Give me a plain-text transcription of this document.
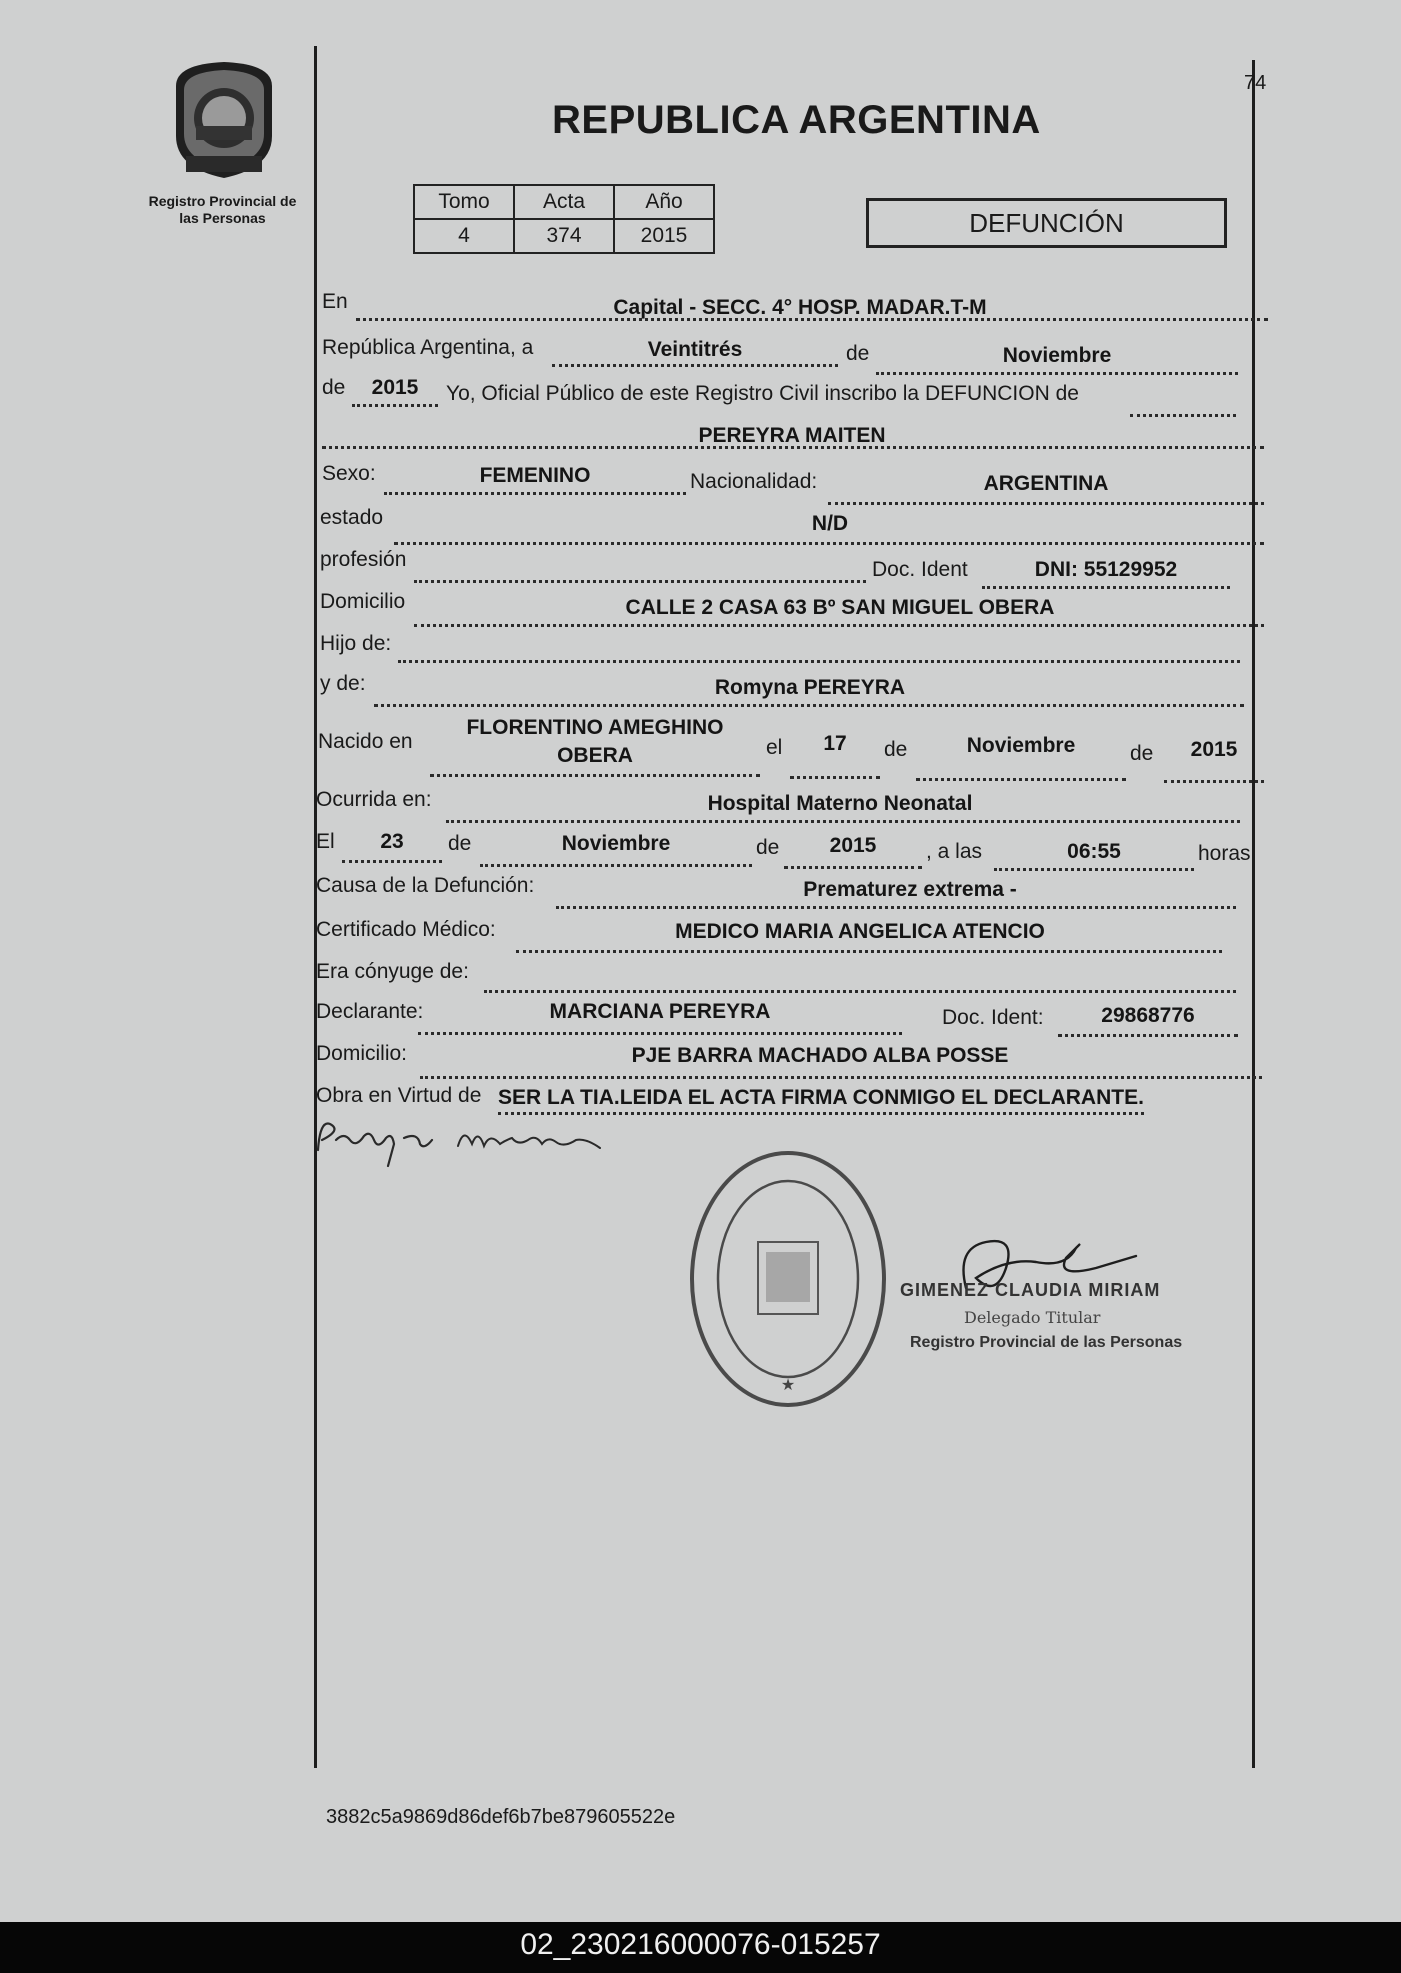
Registro Provincial de
las Personas
74
REPUBLICA ARGENTINA
Tomo	Acta	Año
4	374	2015	DEFUNCIÓN
En	Capital - SECC. 4° HOSP. MADAR.T-M
República Argentina, a	Veintitrés	de	Noviembre
de	2015	Yo, Oficial Público de este Registro Civil inscribo la DEFUNCION de
PEREYRA MAITEN
Sexo:	FEMENINO	Nacionalidad:	ARGENTINA
estado	N/D
profesión	Doc. Ident	DNI: 55129952
Domicilio	CALLE 2 CASA 63 Bº SAN MIGUEL OBERA
Hijo de:
y de:	Romyna PEREYRA
Nacido en
FLORENTINO AMEGHINO
OBERA	el	17	de	Noviembre	de	2015
Ocurrida en:	Hospital Materno Neonatal
El	23	de	Noviembre	de	2015	, a las	06:55	horas
Causa de la Defunción:	Prematurez extrema -
Certificado Médico:	MEDICO MARIA ANGELICA ATENCIO
Era cónyuge de:
Declarante:	MARCIANA PEREYRA	Doc. Ident:	29868776
Domicilio:	PJE BARRA MACHADO ALBA POSSE
Obra en Virtud de SER LA TIA.LEIDA EL ACTA FIRMA CONMIGO EL DECLARANTE.
★
GIMENEZ CLAUDIA MIRIAM
Delegado Titular
Registro Provincial de las Personas
3882c5a9869d86def6b7be879605522e
02_230216000076-015257
